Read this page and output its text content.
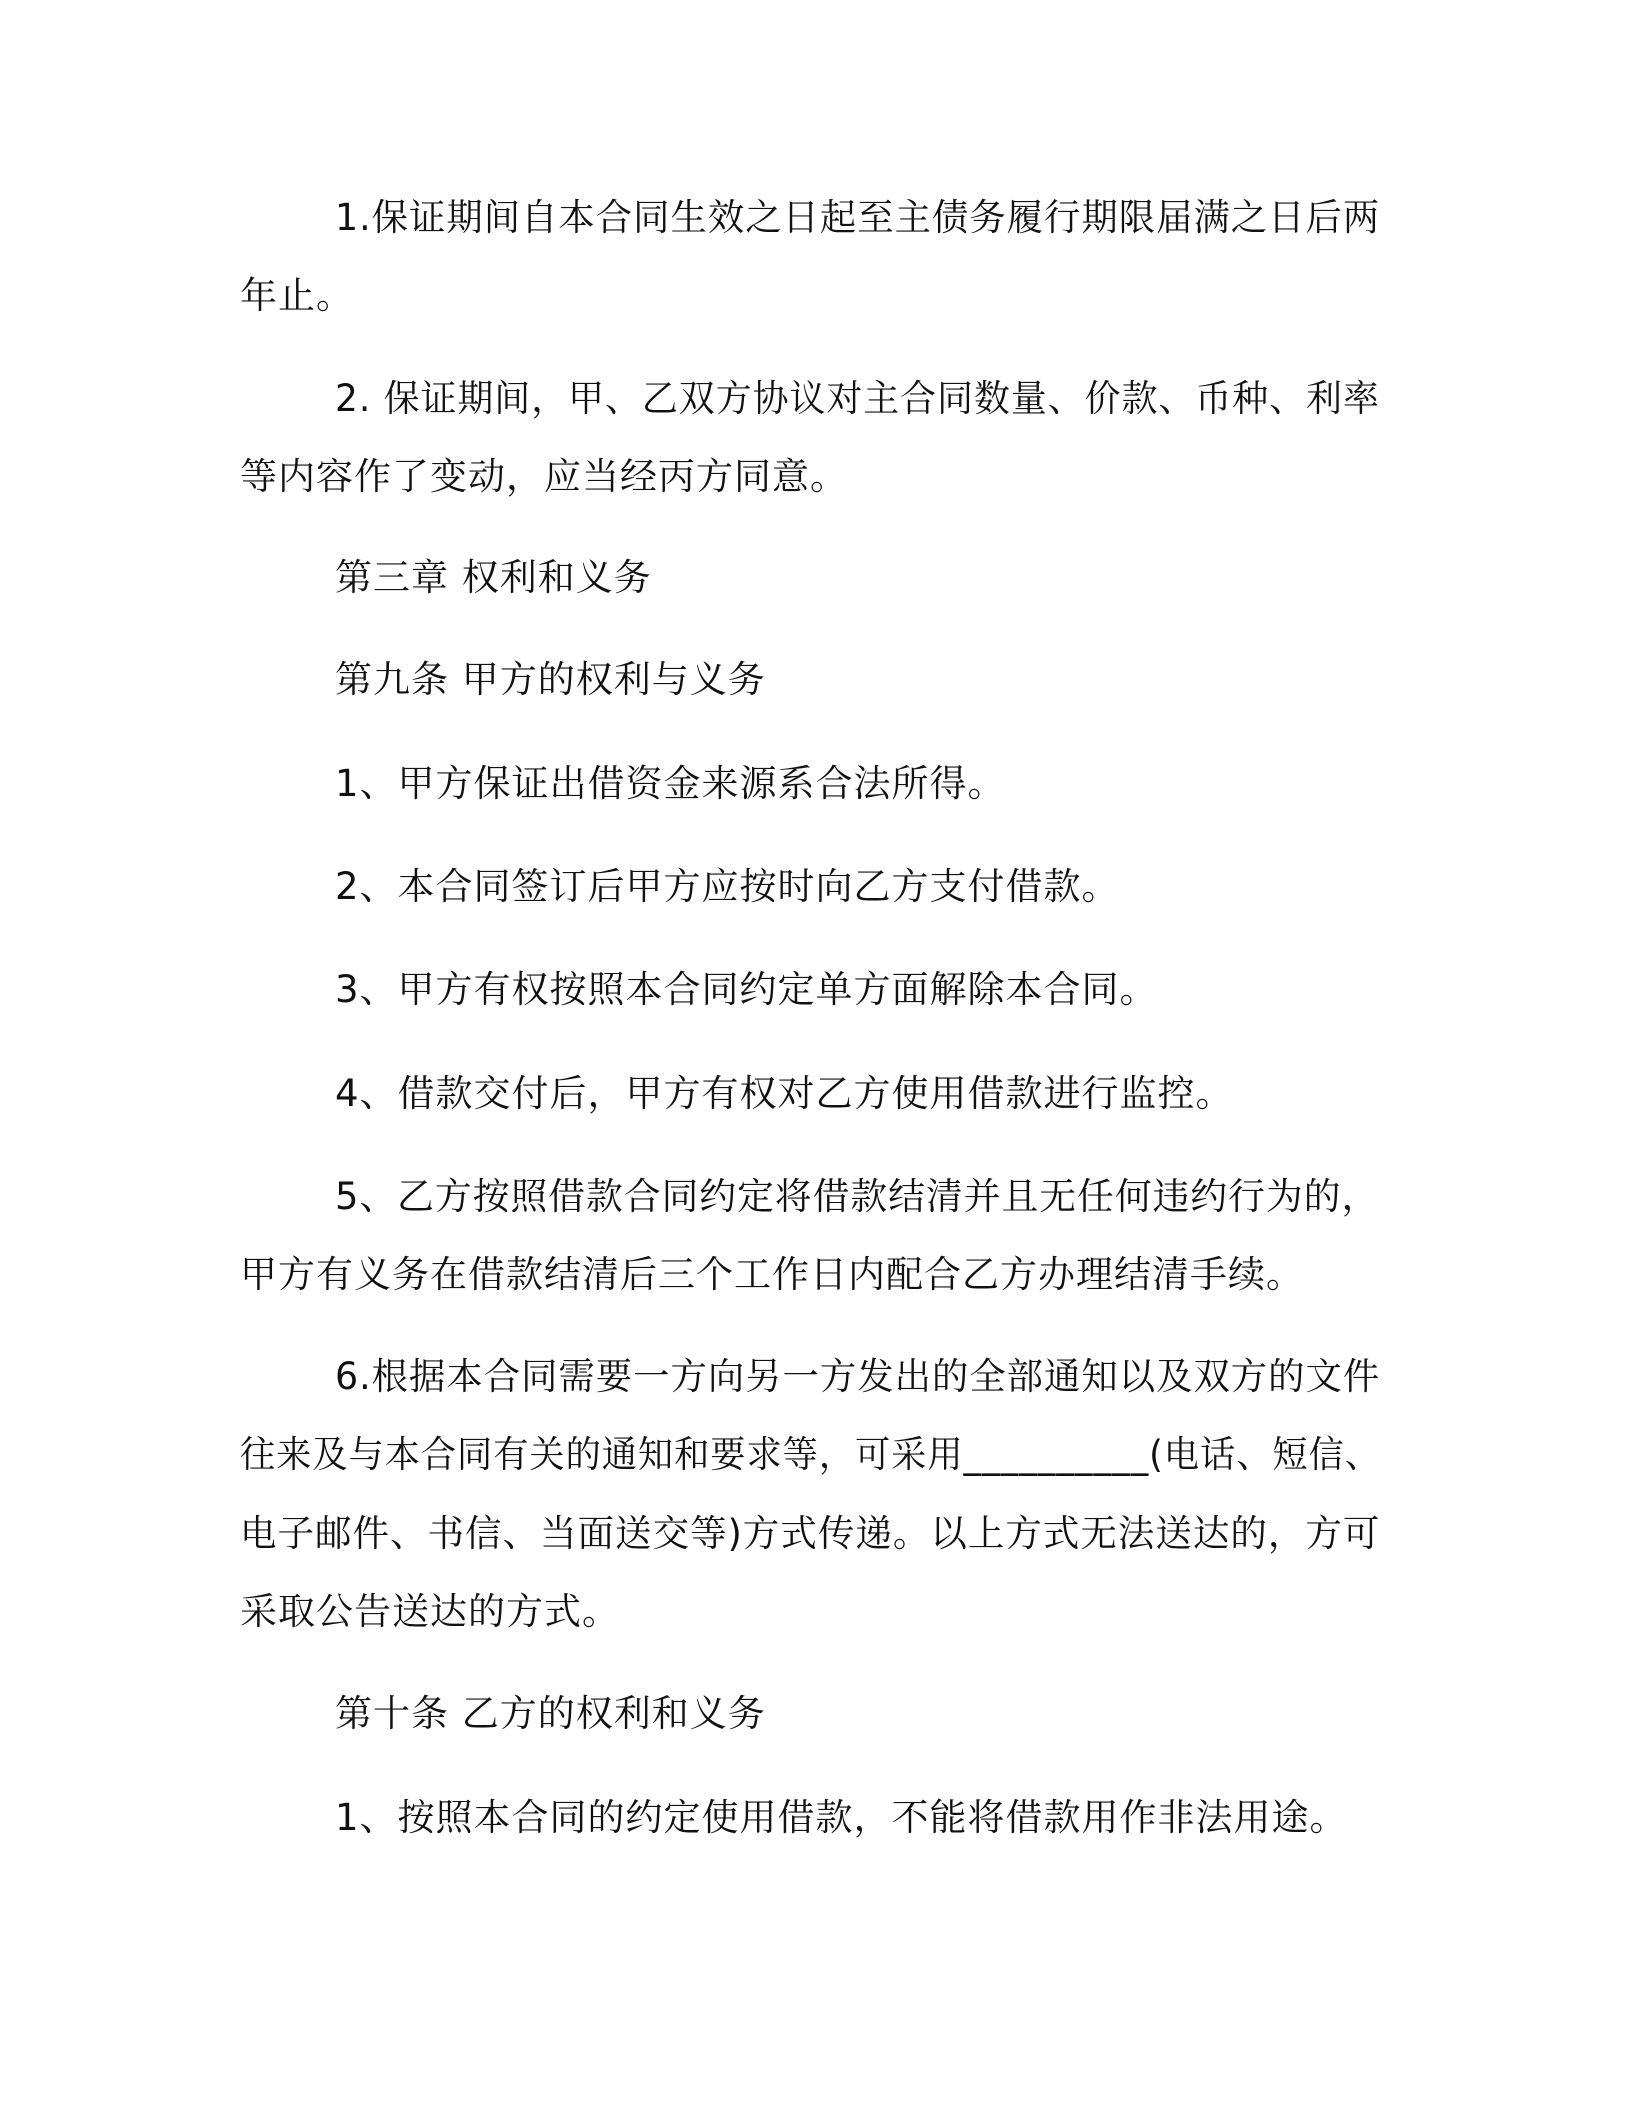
1.保证期间自本合同生效之日起至主债务履行期限届满之日后两
年止。
2. 保证期间，甲、乙双方协议对主合同数量、价款、币种、利率
等内容作了变动，应当经丙方同意。
第三章 权利和义务
第九条 甲方的权利与义务
1、甲方保证出借资金来源系合法所得。
2、本合同签订后甲方应按时向乙方支付借款。
3、甲方有权按照本合同约定单方面解除本合同。
4、借款交付后，甲方有权对乙方使用借款进行监控。
5、乙方按照借款合同约定将借款结清并且无任何违约行为的，
甲方有义务在借款结清后三个工作日内配合乙方办理结清手续。
6.根据本合同需要一方向另一方发出的全部通知以及双方的文件
往来及与本合同有关的通知和要求等，可采用__________(电话、短信、
电子邮件、书信、当面送交等)方式传递。以上方式无法送达的，方可
采取公告送达的方式。
第十条 乙方的权利和义务
1、按照本合同的约定使用借款，不能将借款用作非法用途。
